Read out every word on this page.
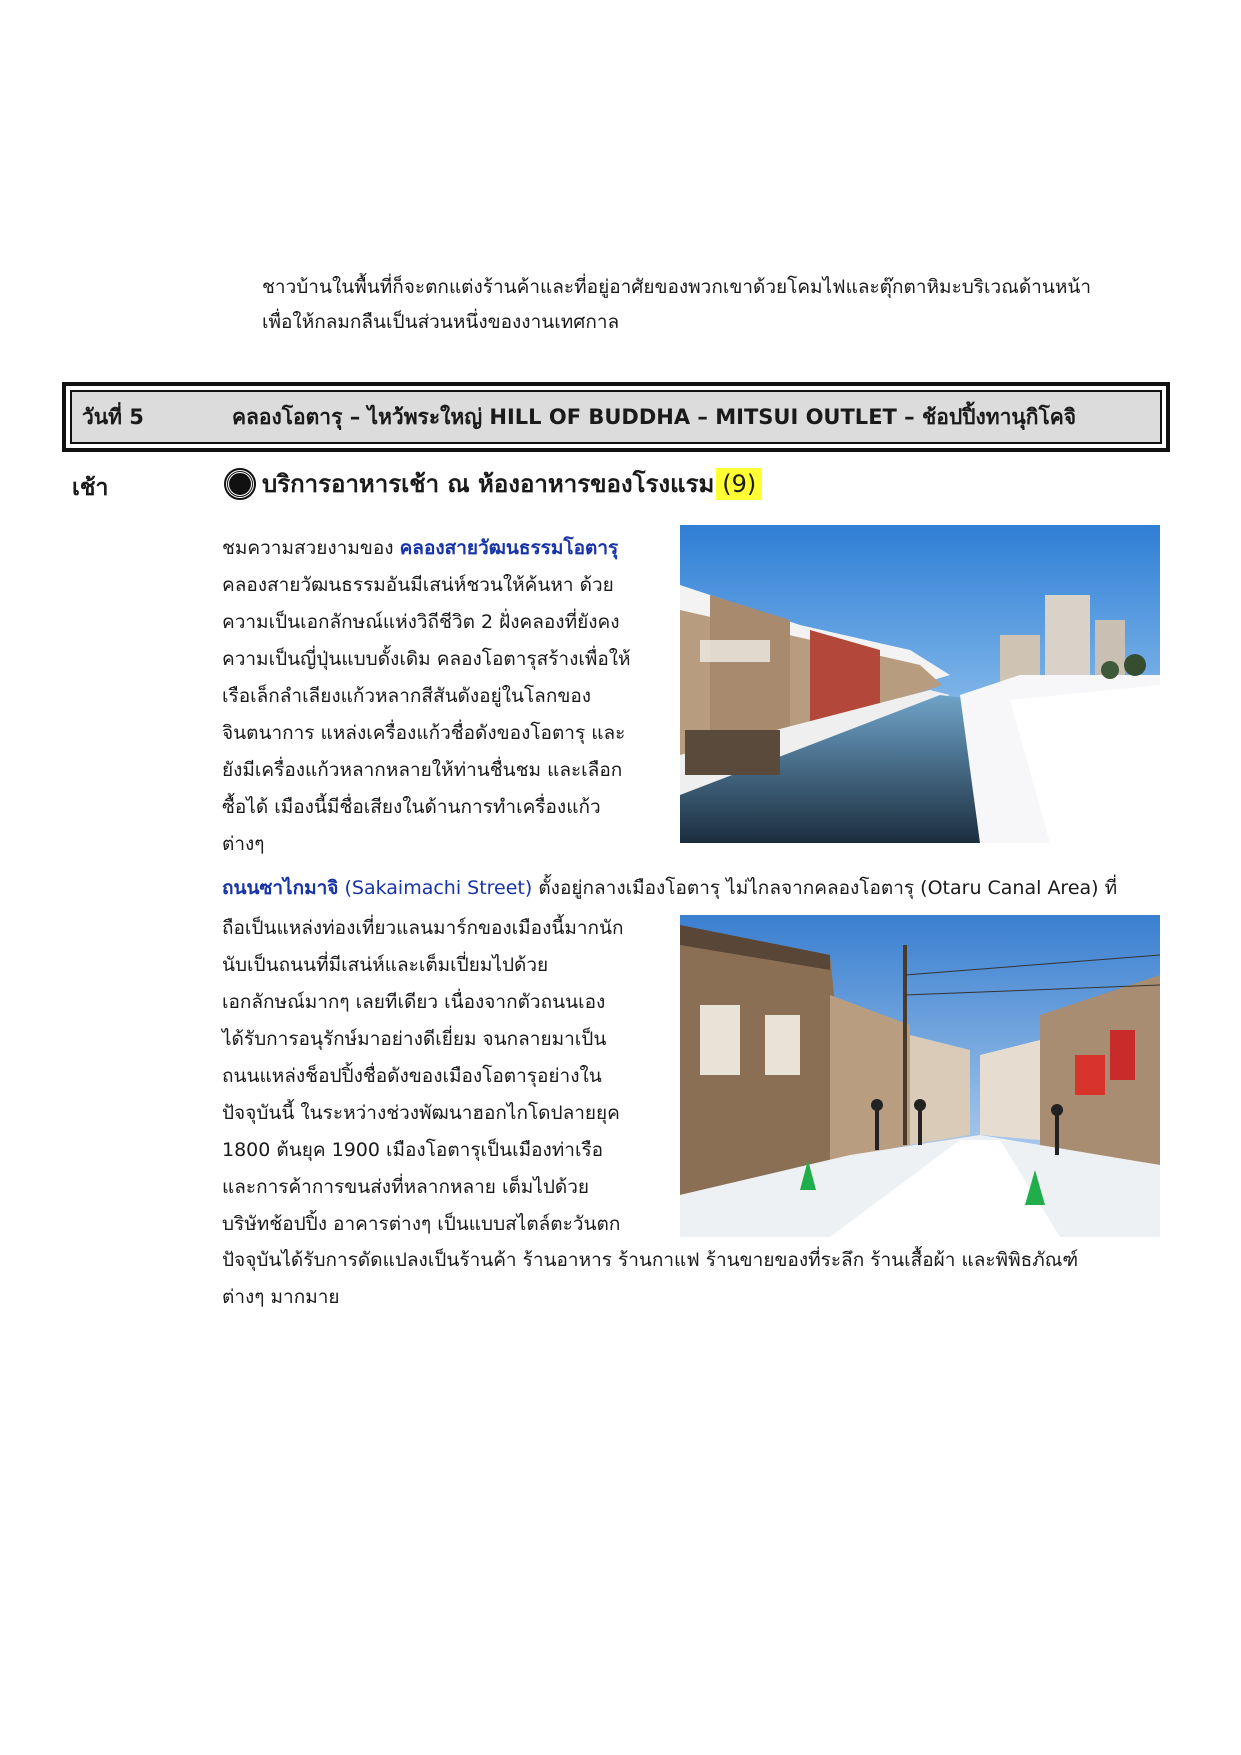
ชาวบ้านในพื้นที่ก็จะตกแต่งร้านค้าและที่อยู่อาศัยของพวกเขาด้วยโคมไฟและตุ๊กตาหิมะบริเวณด้านหน้า

เพื่อให้กลมกลืนเป็นส่วนหนึ่งของงานเทศกาล

วันที่ 5	คลองโอตารุ – ไหว้พระใหญ่ HILL OF BUDDHA – MITSUI OUTLET – ช้อปปิ้งทานุกิโคจิ
เช้า	บริการอาหารเช้า ณ ห้องอาหารของโรงแรม (9)
ชมความสวยงามของ คลองสายวัฒนธรรมโอตารุ
คลองสายวัฒนธรรมอันมีเสน่ห์ชวนให้ค้นหา ด้วย
ความเป็นเอกลักษณ์แห่งวิถีชีวิต 2 ฝั่งคลองที่ยังคง
ความเป็นญี่ปุ่นแบบดั้งเดิม คลองโอตารุสร้างเพื่อให้
เรือเล็กลำเลียงแก้วหลากสีสันดังอยู่ในโลกของ
จินตนาการ แหล่งเครื่องแก้วชื่อดังของโอตารุ และ
ยังมีเครื่องแก้วหลากหลายให้ท่านชื่นชม และเลือก
ซื้อได้ เมืองนี้มีชื่อเสียงในด้านการทำเครื่องแก้ว
ต่างๆ

ถนนซาไกมาจิ (Sakaimachi Street) ตั้งอยู่กลางเมืองโอตารุ ไม่ไกลจากคลองโอตารุ (Otaru Canal Area) ที่

ถือเป็นแหล่งท่องเที่ยวแลนมาร์กของเมืองนี้มากนัก
นับเป็นถนนที่มีเสน่ห์และเต็มเปี่ยมไปด้วย
เอกลักษณ์มากๆ เลยทีเดียว เนื่องจากตัวถนนเอง
ได้รับการอนุรักษ์มาอย่างดีเยี่ยม จนกลายมาเป็น
ถนนแหล่งช็อปปิ้งชื่อดังของเมืองโอตารุอย่างใน
ปัจจุบันนี้ ในระหว่างช่วงพัฒนาฮอกไกโดปลายยุค
1800 ต้นยุค 1900 เมืองโอตารุเป็นเมืองท่าเรือ
และการค้าการขนส่งที่หลากหลาย เต็มไปด้วย
บริษัทช้อปปิ้ง อาคารต่างๆ เป็นแบบสไตล์ตะวันตก

ปัจจุบันได้รับการดัดแปลงเป็นร้านค้า ร้านอาหาร ร้านกาแฟ ร้านขายของที่ระลึก ร้านเสื้อผ้า และพิพิธภัณฑ์

ต่างๆ มากมาย
